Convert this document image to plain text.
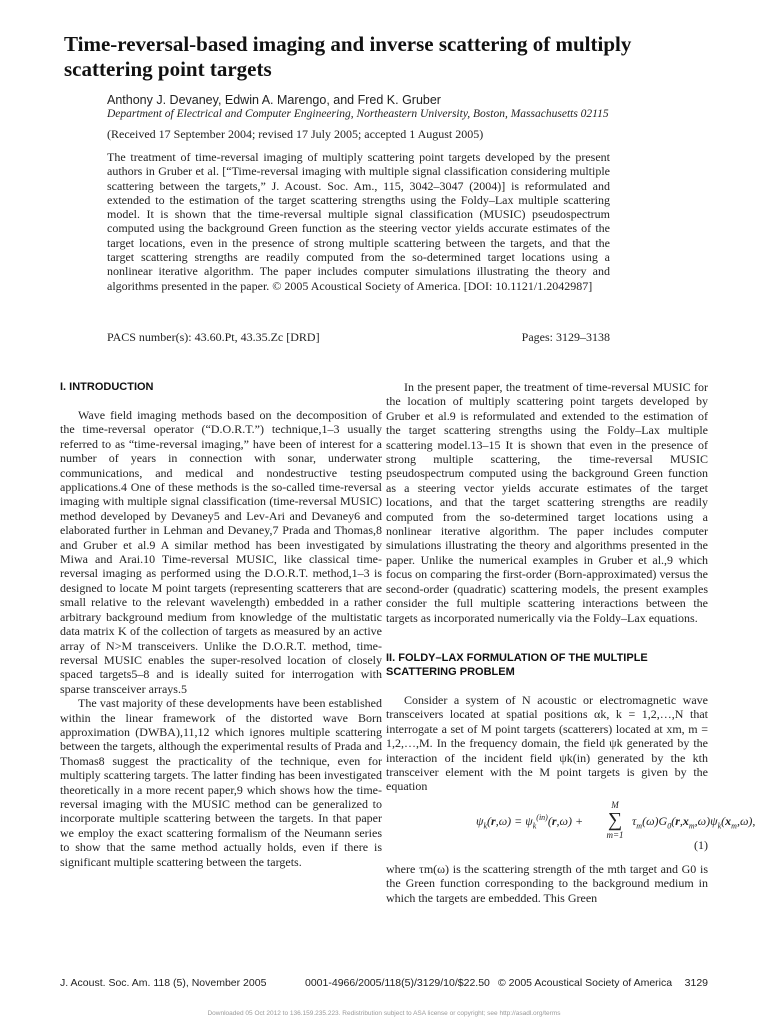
Time-reversal-based imaging and inverse scattering of multiply scattering point targets
Anthony J. Devaney, Edwin A. Marengo, and Fred K. Gruber
Department of Electrical and Computer Engineering, Northeastern University, Boston, Massachusetts 02115
(Received 17 September 2004; revised 17 July 2005; accepted 1 August 2005)

The treatment of time-reversal imaging of multiply scattering point targets developed by the present authors in Gruber et al. [“Time-reversal imaging with multiple signal classification considering multiple scattering between the targets,” J. Acoust. Soc. Am., 115, 3042–3047 (2004)] is reformulated and extended to the estimation of the target scattering strengths using the Foldy–Lax multiple scattering model. It is shown that the time-reversal multiple signal classification (MUSIC) pseudospectrum computed using the background Green function as the steering vector yields accurate estimates of the target locations, even in the presence of strong multiple scattering between the targets, and that the target scattering strengths are readily computed from the so-determined target locations using a nonlinear iterative algorithm. The paper includes computer simulations illustrating the theory and algorithms presented in the paper. © 2005 Acoustical Society of America. [DOI: 10.1121/1.2042987]

PACS number(s): 43.60.Pt, 43.35.Zc [DRD]	Pages: 3129–3138
I. INTRODUCTION

Wave field imaging methods based on the decomposition of the time-reversal operator (“D.O.R.T.”) technique,1–3 usually referred to as “time-reversal imaging,” have been of interest for a number of years in connection with sonar, underwater communications, and medical and nondestructive testing applications.4 One of these methods is the so-called time-reversal imaging with multiple signal classification (time-reversal MUSIC) method developed by Devaney5 and Lev-Ari and Devaney6 and elaborated further in Lehman and Devaney,7 Prada and Thomas,8 and Gruber et al.9 A similar method has been investigated by Miwa and Arai.10 Time-reversal MUSIC, like classical time-reversal imaging as performed using the D.O.R.T. method,1–3 is designed to locate M point targets (representing scatterers that are small relative to the relevant wavelength) embedded in a rather arbitrary background medium from knowledge of the multistatic data matrix K of the collection of targets as measured by an active array of N>M transceivers. Unlike the D.O.R.T. method, time-reversal MUSIC enables the super-resolved location of closely spaced targets5–8 and is ideally suited for interrogation with sparse transceiver arrays.5

The vast majority of these developments have been established within the linear framework of the distorted wave Born approximation (DWBA),11,12 which ignores multiple scattering between the targets, although the experimental results of Prada and Thomas8 suggest the practicality of the technique, even for multiply scattering targets. The latter finding has been investigated theoretically in a more recent paper,9 which shows how the time-reversal imaging with the MUSIC method can be generalized to incorporate multiple scattering between the targets. In that paper we employ the exact scattering formalism of the Neumann series to show that the same method actually holds, even if there is significant multiple scattering between the targets.

In the present paper, the treatment of time-reversal MUSIC for the location of multiply scattering point targets developed by Gruber et al.9 is reformulated and extended to the estimation of the target scattering strengths using the Foldy–Lax multiple scattering model.13–15 It is shown that even in the presence of strong multiple scattering, the time-reversal MUSIC pseudospectrum computed using the background Green function as a steering vector yields accurate estimates of the target locations, and that the target scattering strengths are readily computed from the so-determined target locations using a nonlinear iterative algorithm. The paper includes computer simulations illustrating the theory and algorithms presented in the paper. Unlike the numerical examples in Gruber et al.,9 which focus on comparing the first-order (Born-approximated) versus the second-order (quadratic) scattering models, the present examples consider the full multiple scattering interactions between the targets as incorporated numerically via the Foldy–Lax equations.

II. FOLDY–LAX FORMULATION OF THE MULTIPLE SCATTERING PROBLEM

Consider a system of N acoustic or electromagnetic wave transceivers located at spatial positions αk, k = 1,2,…,N that interrogate a set of M point targets (scatterers) located at xm, m = 1,2,…,M. In the frequency domain, the field ψk generated by the interaction of the incident field ψk(in) generated by the kth transceiver element with the M point targets is given by the equation

$\psi_k(r,\omega) = \psi_k^{(in)}(r,\omega)$ +
M
∑
m=1
$\tau_m(\omega)G_0(r,x_m,\omega)\psi_k(x_m,\omega)$,
(1)

where τm(ω) is the scattering strength of the mth target and G0 is the Green function corresponding to the background medium in which the targets are embedded. This Green

J. Acoust. Soc. Am. 118 (5), November 2005	0001-4966/2005/118(5)/3129/10/$22.50 © 2005 Acoustical Society of America 3129
Downloaded 05 Oct 2012 to 136.159.235.223. Redistribution subject to ASA license or copyright; see http://asadl.org/terms
